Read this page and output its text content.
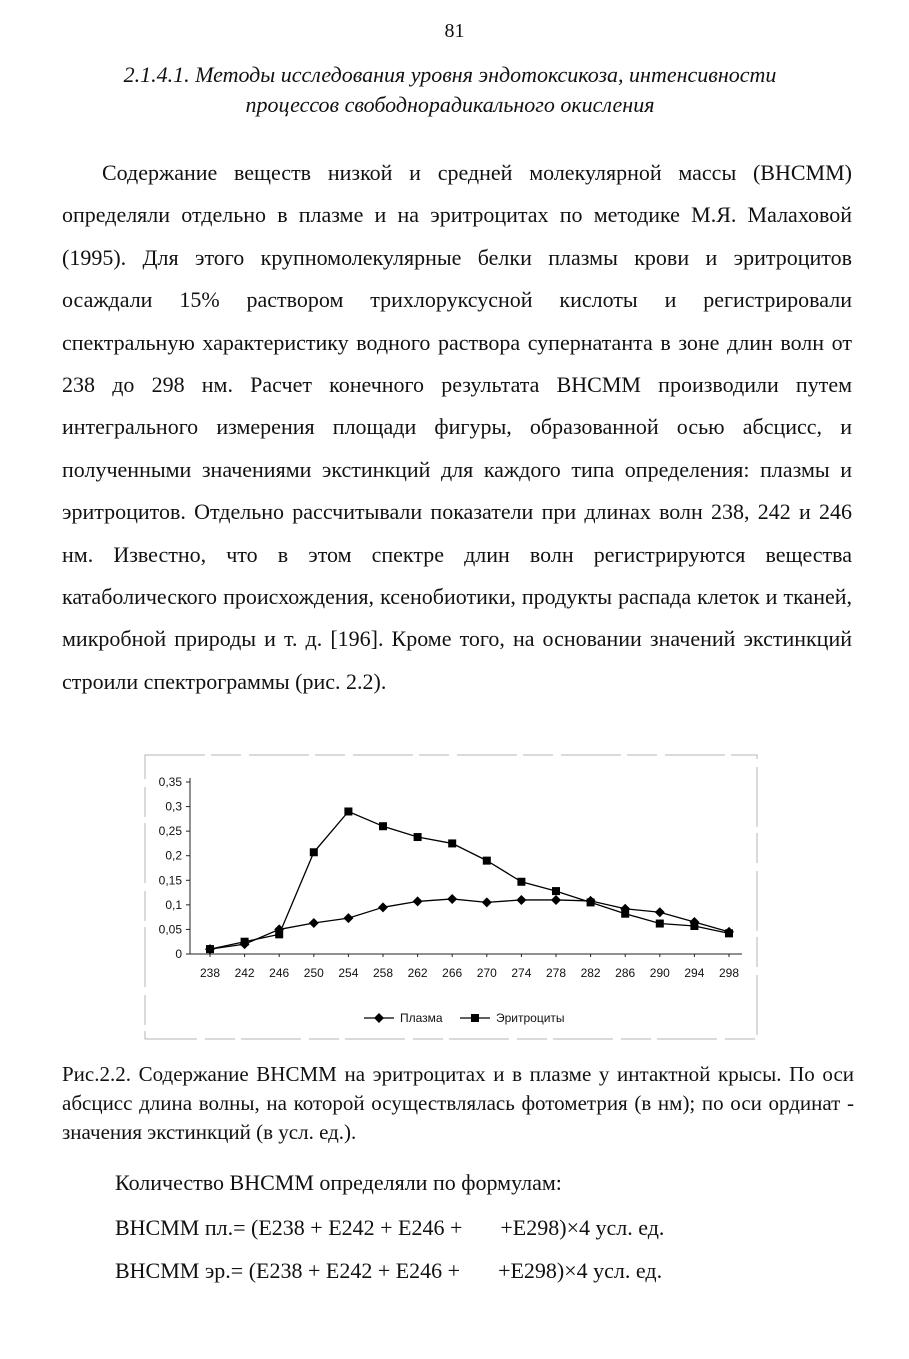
81
2.1.4.1. Методы исследования уровня эндотоксикоза, интенсивности
процессов свободнорадикального окисления

Содержание веществ низкой и средней молекулярной массы (ВНСММ) определяли отдельно в плазме и на эритроцитах по методике М.Я. Малаховой (1995). Для этого крупномолекулярные белки плазмы крови и эритроцитов осаждали 15% раствором трихлоруксусной кислоты и регистрировали спектральную характеристику водного раствора супернатанта в зоне длин волн от 238 до 298 нм. Расчет конечного результата ВНСММ производили путем интегрального измерения площади фигуры, образованной осью абсцисс, и полученными значениями экстинкций для каждого типа определения: плазмы и эритроцитов. Отдельно рассчитывали показатели при длинах волн 238, 242 и 246 нм. Известно, что в этом спектре длин волн регистрируются вещества катаболического происхождения, ксенобиотики, продукты распада клеток и тканей, микробной природы и т. д. [196]. Кроме того, на основании значений экстинкций строили спектрограммы (рис. 2.2).

0
0,05
0,1
0,15
0,2
0,25
0,3
0,35
238 242 246 250 254 258 262 266 270 274 278 282 286 290 294 298
Плазма	Эритроциты

Рис.2.2. Содержание ВНСММ на эритроцитах и в плазме у интактной крысы. По оси абсцисс длина волны, на которой осуществлялась фотометрия (в нм); по оси ординат - значения экстинкций (в усл. ед.).

Количество ВНСММ определяли по формулам:
ВНСММ пл.= (Е238 + Е242 + Е246 + +Е298)×4 усл. ед.
ВНСММ эр.= (Е238 + Е242 + Е246 + +Е298)×4 усл. ед.
